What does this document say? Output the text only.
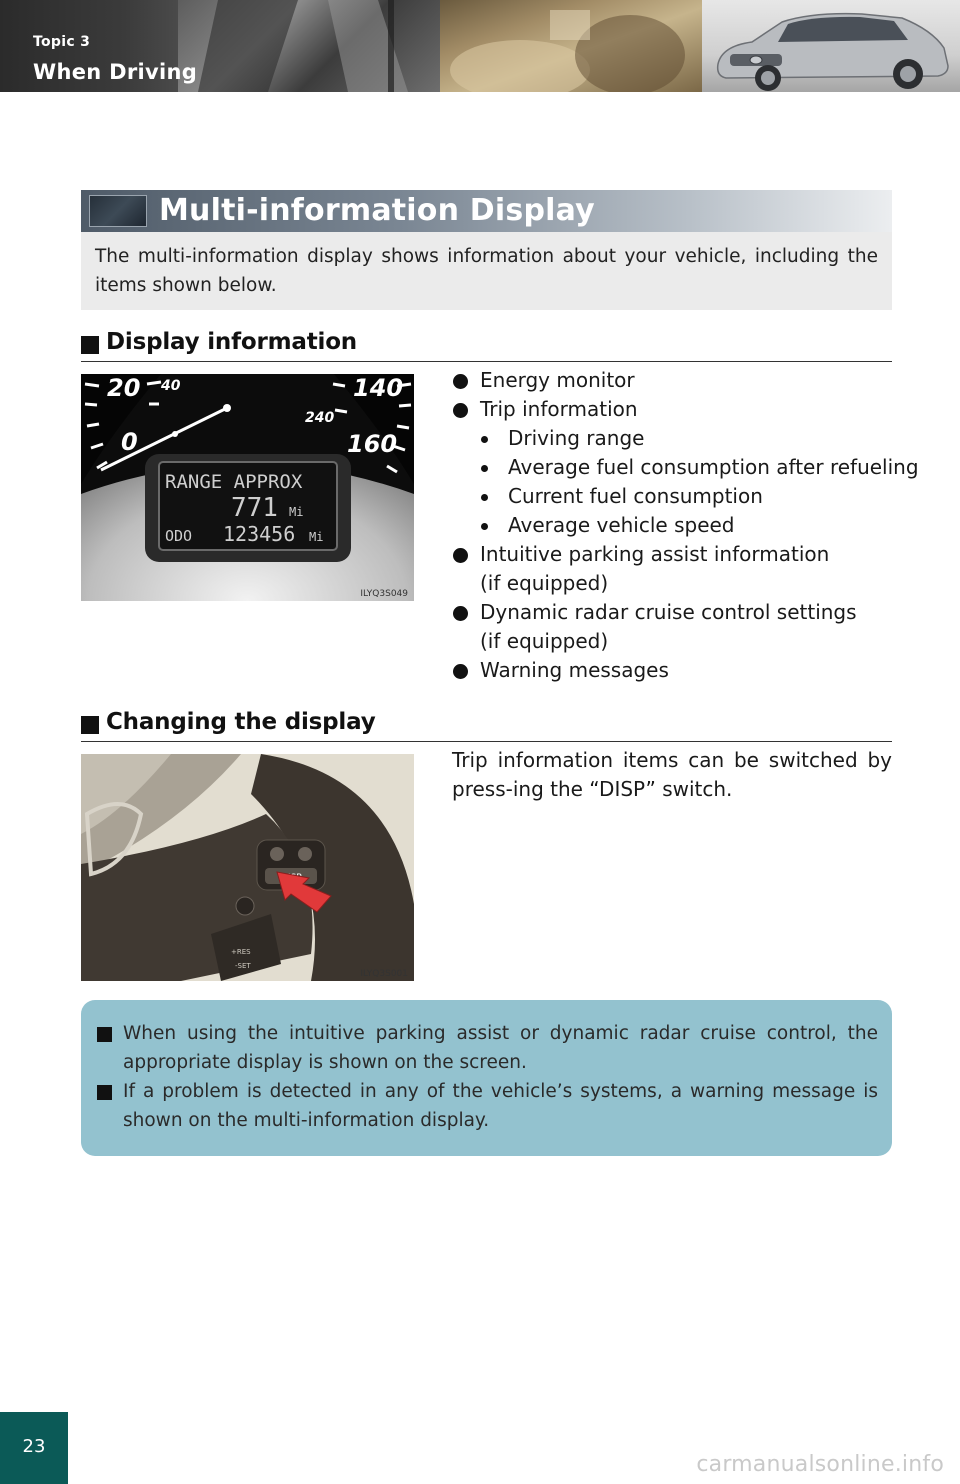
Topic 3
When Driving
Multi-information Display
The multi-information display shows information about your vehicle, including the items shown below.
Display information
20 40
0
140
240
160
RANGE APPROX
771 Mi
ODO 123456 Mi
ILYQ3S049
Energy monitor
Trip information
Driving range
Average fuel consumption after refueling
Current fuel consumption
Average vehicle speed
Intuitive parking assist information
(if equipped)
Dynamic radar cruise control settings
(if equipped)
Warning messages
Changing the display
+RES
-SET
ILYQ3S001
Trip information items can be switched by press-ing the “DISP” switch.
When using the intuitive parking assist or dynamic radar cruise control, the appropriate display is shown on the screen.
If a problem is detected in any of the vehicle’s systems, a warning message is shown on the multi-information display.
23
carmanualsonline.info
